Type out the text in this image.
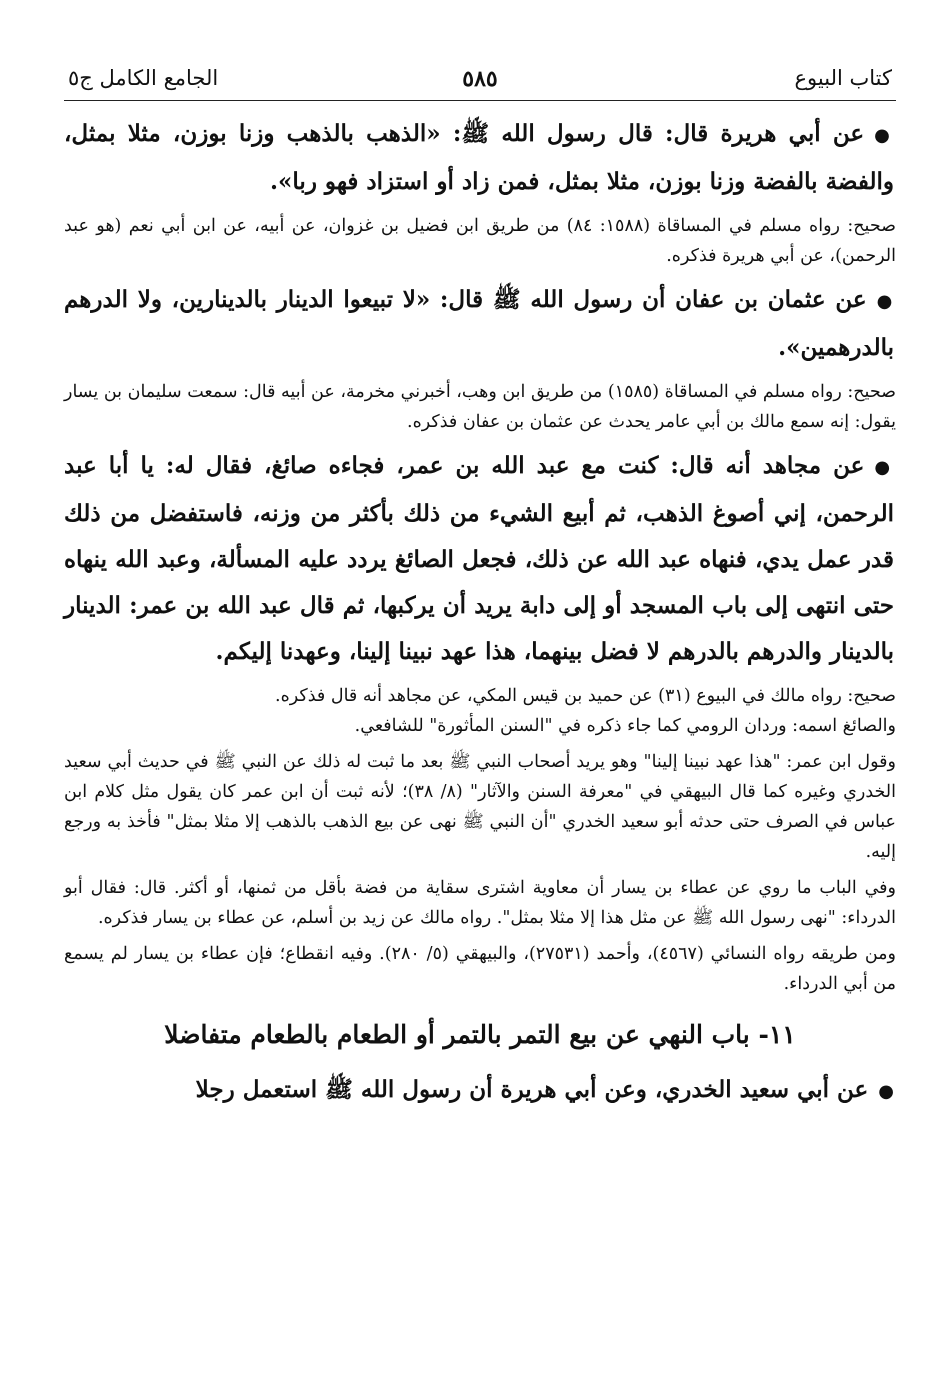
كتاب البيوع
٥٨٥
الجامع الكامل ج٥

●عن أبي هريرة قال: قال رسول الله ﷺ: «الذهب بالذهب وزنا بوزن، مثلا بمثل، والفضة بالفضة وزنا بوزن، مثلا بمثل، فمن زاد أو استزاد فهو ربا».

صحيح: رواه مسلم في المساقاة (١٥٨٨: ٨٤) من طريق ابن فضيل بن غزوان، عن أبيه، عن ابن أبي نعم (هو عبد الرحمن)، عن أبي هريرة فذكره.

●عن عثمان بن عفان أن رسول الله ﷺ قال: «لا تبيعوا الدينار بالدينارين، ولا الدرهم بالدرهمين».

صحيح: رواه مسلم في المساقاة (١٥٨٥) من طريق ابن وهب، أخبرني مخرمة، عن أبيه قال: سمعت سليمان بن يسار يقول: إنه سمع مالك بن أبي عامر يحدث عن عثمان بن عفان فذكره.

●عن مجاهد أنه قال: كنت مع عبد الله بن عمر، فجاءه صائغ، فقال له: يا أبا عبد الرحمن، إني أصوغ الذهب، ثم أبيع الشيء من ذلك بأكثر من وزنه، فاستفضل من ذلك قدر عمل يدي، فنهاه عبد الله عن ذلك، فجعل الصائغ يردد عليه المسألة، وعبد الله ينهاه حتى انتهى إلى باب المسجد أو إلى دابة يريد أن يركبها، ثم قال عبد الله بن عمر: الدينار بالدينار والدرهم بالدرهم لا فضل بينهما، هذا عهد نبينا إلينا، وعهدنا إليكم.

صحيح: رواه مالك في البيوع (٣١) عن حميد بن قيس المكي، عن مجاهد أنه قال فذكره.

والصائغ اسمه: وردان الرومي كما جاء ذكره في "السنن المأثورة" للشافعي.

وقول ابن عمر: "هذا عهد نبينا إلينا" وهو يريد أصحاب النبي ﷺ بعد ما ثبت له ذلك عن النبي ﷺ في حديث أبي سعيد الخدري وغيره كما قال البيهقي في "معرفة السنن والآثار" (٨/ ٣٨)؛ لأنه ثبت أن ابن عمر كان يقول مثل كلام ابن عباس في الصرف حتى حدثه أبو سعيد الخدري "أن النبي ﷺ نهى عن بيع الذهب بالذهب إلا مثلا بمثل" فأخذ به ورجع إليه.

وفي الباب ما روي عن عطاء بن يسار أن معاوية اشترى سقاية من فضة بأقل من ثمنها، أو أكثر. قال: فقال أبو الدرداء: "نهى رسول الله ﷺ عن مثل هذا إلا مثلا بمثل". رواه مالك عن زيد بن أسلم، عن عطاء بن يسار فذكره.

ومن طريقه رواه النسائي (٤٥٦٧)، وأحمد (٢٧٥٣١)، والبيهقي (٥/ ٢٨٠). وفيه انقطاع؛ فإن عطاء بن يسار لم يسمع من أبي الدرداء.

١١- باب النهي عن بيع التمر بالتمر أو الطعام بالطعام متفاضلا

●عن أبي سعيد الخدري، وعن أبي هريرة أن رسول الله ﷺ استعمل رجلا
